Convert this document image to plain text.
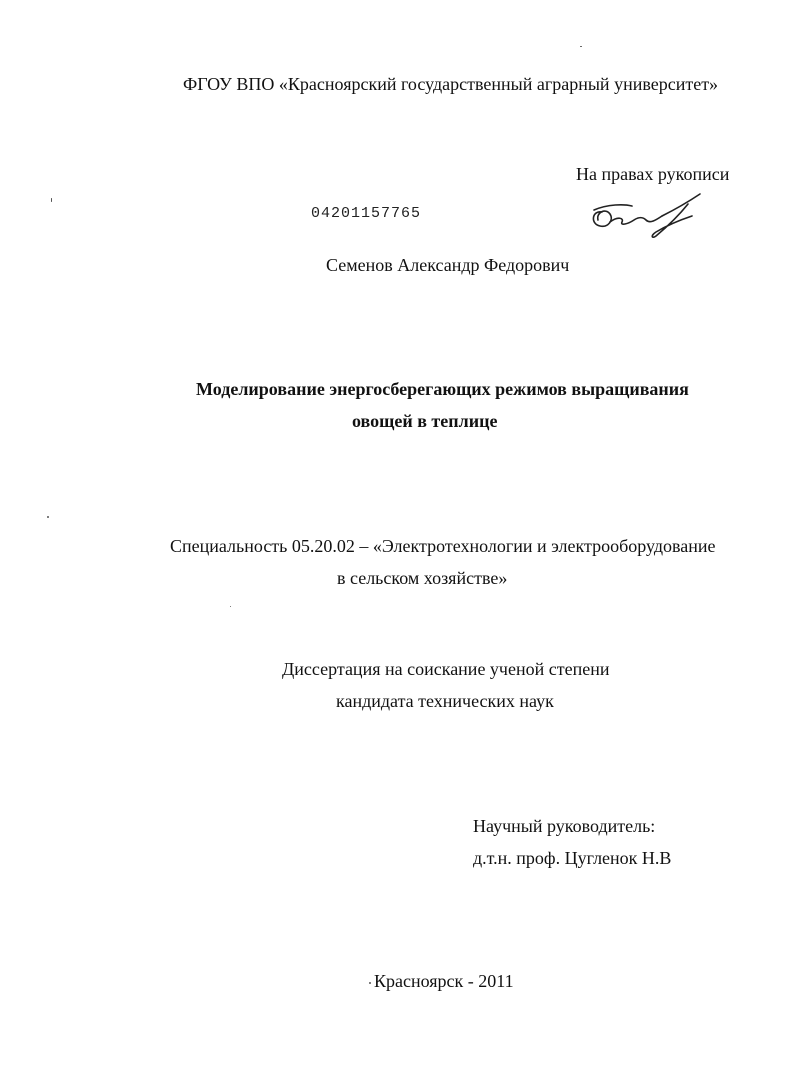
ФГОУ ВПО «Красноярский государственный аграрный университет»
На правах рукописи
04201157765
Семенов Александр Федорович
Моделирование энергосберегающих режимов выращивания
овощей в теплице
Специальность 05.20.02 – «Электротехнологии и электрооборудование
в сельском хозяйстве»
Диссертация на соискание ученой степени
кандидата технических наук
Научный руководитель:
д.т.н. проф. Цугленок Н.В
Красноярск - 2011
